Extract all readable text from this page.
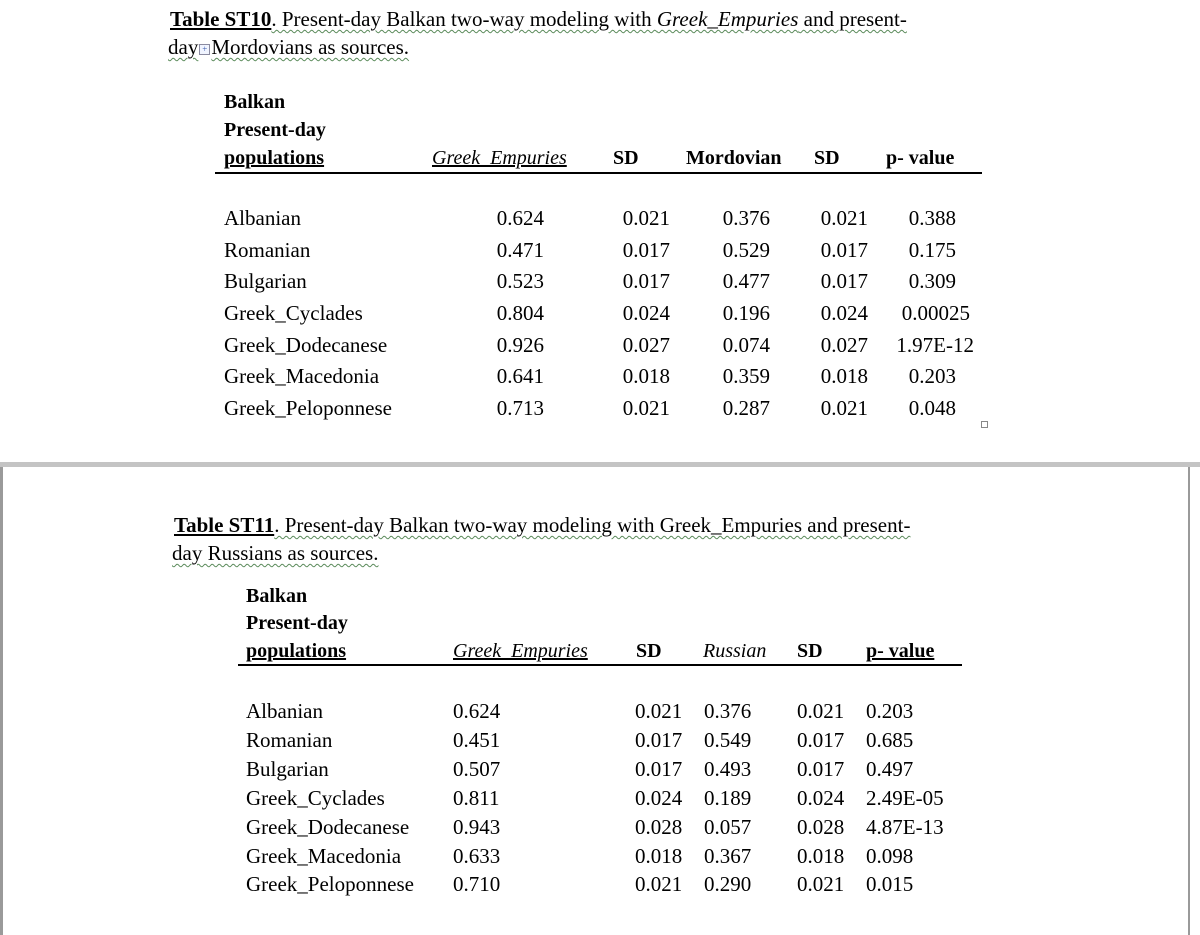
Table ST10. Present-day Balkan two-way modeling with Greek_Empuries and present-
day + Mordovians as sources.
Balkan
Present-day
populations	Greek_Empuries SD Mordovian SD p- value
Albanian	0.624	0.021	0.376	0.021	0.388
Romanian	0.471	0.017	0.529	0.017	0.175
Bulgarian	0.523	0.017	0.477	0.017	0.309
Greek_Cyclades	0.804	0.024	0.196	0.024	0.00025
Greek_Dodecanese	0.926	0.027	0.074	0.027	1.97E-12
Greek_Macedonia	0.641	0.018	0.359	0.018	0.203
Greek_Peloponnese	0.713	0.021	0.287	0.021	0.048
Table ST11. Present-day Balkan two-way modeling with Greek_Empuries and present-
day Russians as sources.
Balkan
Present-day
populations	Greek_Empuries SD Russian SD p- value
Albanian	0.624	0.021 0.376 0.021 0.203
Romanian	0.451	0.017 0.549 0.017 0.685
Bulgarian	0.507	0.017 0.493 0.017 0.497
Greek_Cyclades	0.811	0.024 0.189 0.024 2.49E-05
Greek_Dodecanese 0.943	0.028 0.057 0.028 4.87E-13
Greek_Macedonia 0.633	0.018 0.367 0.018 0.098
Greek_Peloponnese 0.710	0.021 0.290 0.021 0.015
